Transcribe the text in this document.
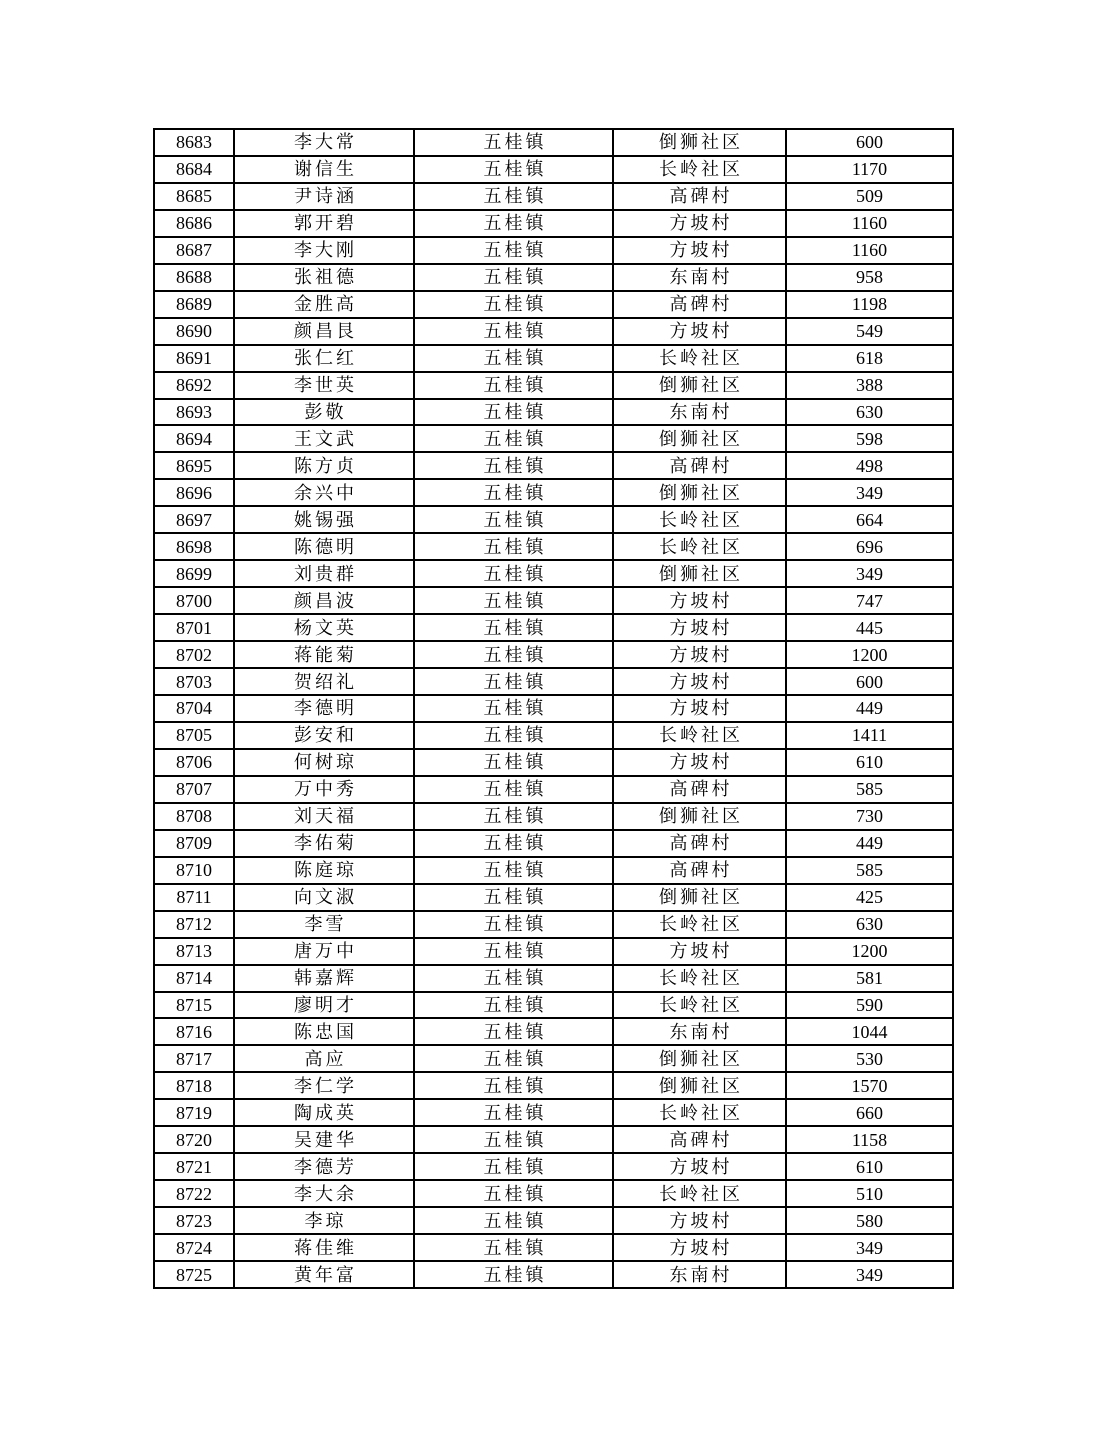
8683	李大常	五桂镇	倒狮社区	600
8684	谢信生	五桂镇	长岭社区	1170
8685	尹诗涵	五桂镇	高碑村	509
8686	郭开碧	五桂镇	方坡村	1160
8687	李大刚	五桂镇	方坡村	1160
8688	张祖德	五桂镇	东南村	958
8689	金胜高	五桂镇	高碑村	1198
8690	颜昌艮	五桂镇	方坡村	549
8691	张仁红	五桂镇	长岭社区	618
8692	李世英	五桂镇	倒狮社区	388
8693	彭敬	五桂镇	东南村	630
8694	王文武	五桂镇	倒狮社区	598
8695	陈方贞	五桂镇	高碑村	498
8696	余兴中	五桂镇	倒狮社区	349
8697	姚锡强	五桂镇	长岭社区	664
8698	陈德明	五桂镇	长岭社区	696
8699	刘贵群	五桂镇	倒狮社区	349
8700	颜昌波	五桂镇	方坡村	747
8701	杨文英	五桂镇	方坡村	445
8702	蒋能菊	五桂镇	方坡村	1200
8703	贺绍礼	五桂镇	方坡村	600
8704	李德明	五桂镇	方坡村	449
8705	彭安和	五桂镇	长岭社区	1411
8706	何树琼	五桂镇	方坡村	610
8707	万中秀	五桂镇	高碑村	585
8708	刘天福	五桂镇	倒狮社区	730
8709	李佑菊	五桂镇	高碑村	449
8710	陈庭琼	五桂镇	高碑村	585
8711	向文淑	五桂镇	倒狮社区	425
8712	李雪	五桂镇	长岭社区	630
8713	唐万中	五桂镇	方坡村	1200
8714	韩嘉辉	五桂镇	长岭社区	581
8715	廖明才	五桂镇	长岭社区	590
8716	陈忠国	五桂镇	东南村	1044
8717	高应	五桂镇	倒狮社区	530
8718	李仁学	五桂镇	倒狮社区	1570
8719	陶成英	五桂镇	长岭社区	660
8720	吴建华	五桂镇	高碑村	1158
8721	李德芳	五桂镇	方坡村	610
8722	李大余	五桂镇	长岭社区	510
8723	李琼	五桂镇	方坡村	580
8724	蒋佳维	五桂镇	方坡村	349
8725	黄年富	五桂镇	东南村	349
